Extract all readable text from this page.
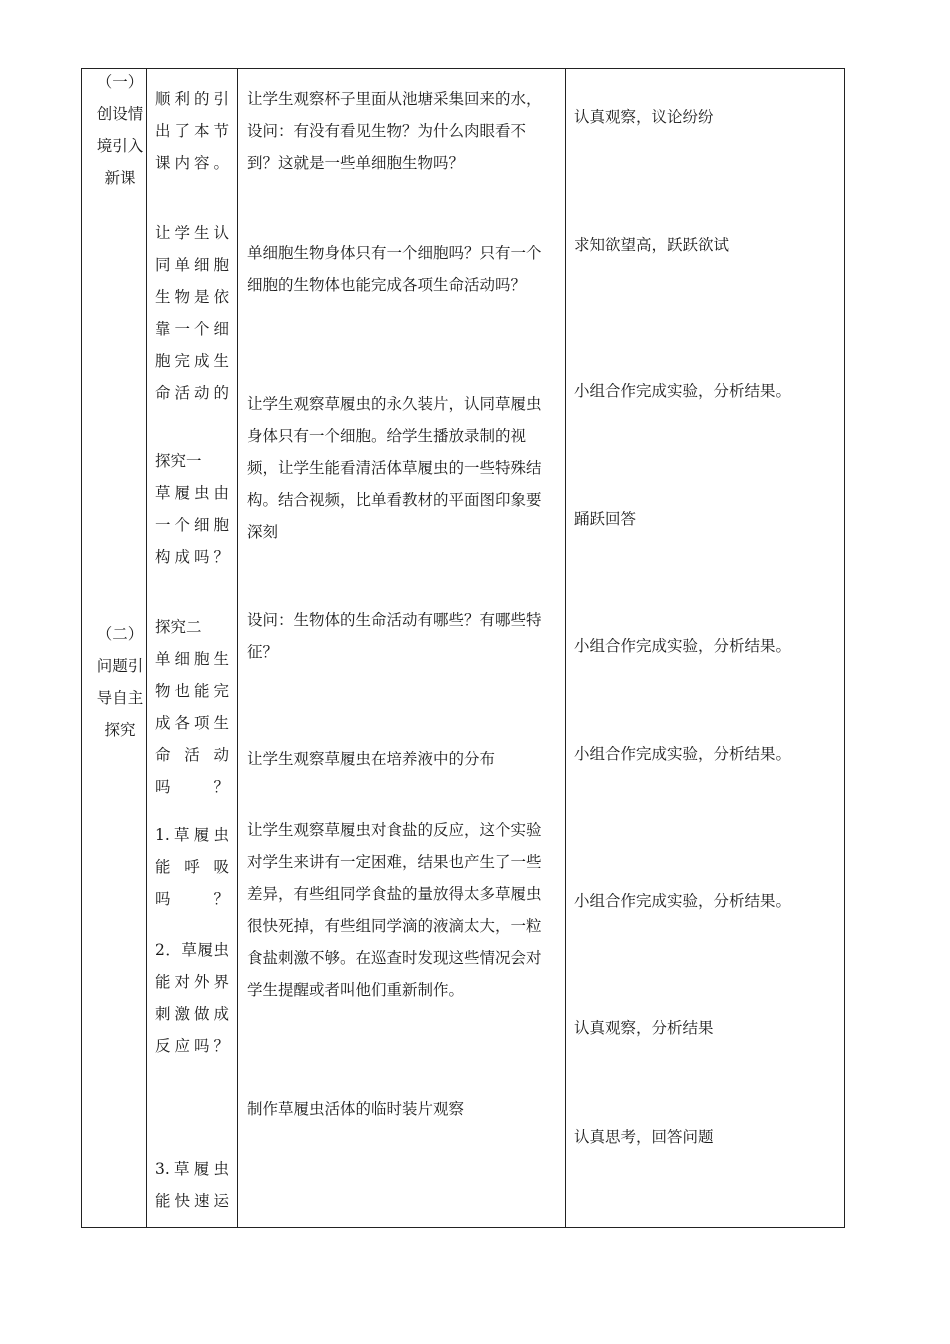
（一）创设情境引入新课

（二）问题引导自主探究

顺利的引出了本节课内容。

让学生认同单细胞生物是依靠一个细胞完成生命活动的

探究一

草履虫由一个细胞构成吗？

探究二

单细胞生物也能完成各项生命活动吗？

1.草履虫能呼吸吗？

2．草履虫能对外界刺激做成反应吗？

3.草履虫能快速运

让学生观察杯子里面从池塘采集回来的水，设问：有没有看见生物？为什么肉眼看不到？这就是一些单细胞生物吗？

单细胞生物身体只有一个细胞吗？只有一个细胞的生物体也能完成各项生命活动吗？

让学生观察草履虫的永久装片，认同草履虫身体只有一个细胞。给学生播放录制的视频，让学生能看清活体草履虫的一些特殊结构。结合视频，比单看教材的平面图印象要深刻

设问：生物体的生命活动有哪些？有哪些特征？

让学生观察草履虫在培养液中的分布

让学生观察草履虫对食盐的反应，这个实验对学生来讲有一定困难，结果也产生了一些差异，有些组同学食盐的量放得太多草履虫很快死掉，有些组同学滴的液滴太大，一粒食盐刺激不够。在巡查时发现这些情况会对学生提醒或者叫他们重新制作。

制作草履虫活体的临时装片观察

认真观察，议论纷纷

求知欲望高，跃跃欲试

小组合作完成实验，分析结果。

踊跃回答

小组合作完成实验，分析结果。

小组合作完成实验，分析结果。

小组合作完成实验，分析结果。

认真观察，分析结果

认真思考，回答问题
